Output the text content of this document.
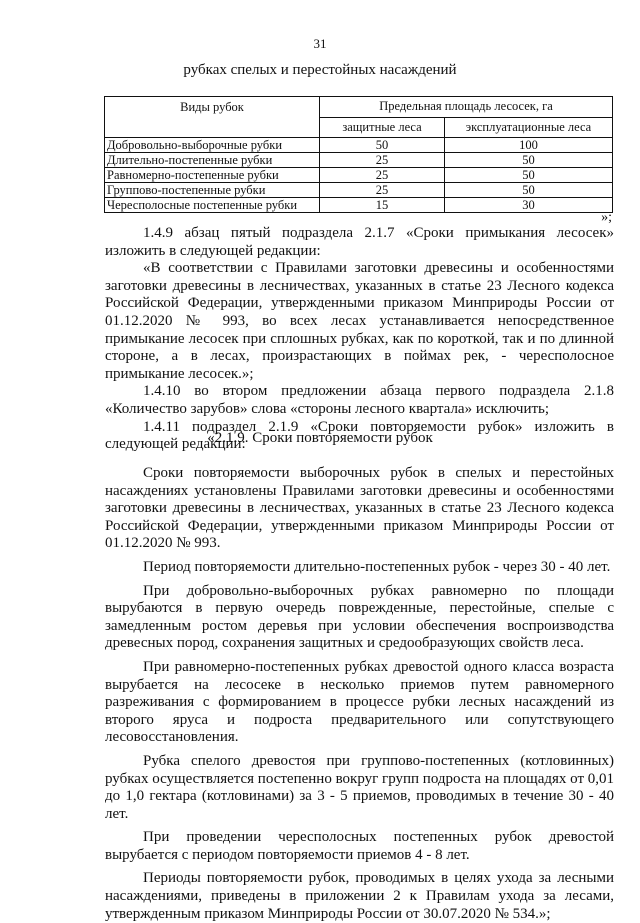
31
рубках спелых и перестойных насаждений
Виды рубок	Предельная площадь лесосек, га	
	защитные леса	эксплуатационные леса
Добровольно-выборочные рубки	50	100
Длительно-постепенные рубки	25	50
Равномерно-постепенные рубки	25	50
Группово-постепенные рубки	25	50
Чересполосные постепенные рубки	15	30
»;

1.4.9 абзац пятый подраздела 2.1.7 «Сроки примыкания лесосек» изложить в следующей редакции:

«В соответствии с Правилами заготовки древесины и особенностями заготовки древесины в лесничествах, указанных в статье 23 Лесного кодекса Российской Федерации, утвержденными приказом Минприроды России от 01.12.2020 № 993, во всех лесах устанавливается непосредственное примыкание лесосек при сплошных рубках, как по короткой, так и по длинной стороне, а в лесах, произрастающих в поймах рек, - чересполосное примыкание лесосек.»;

1.4.10 во втором предложении абзаца первого подраздела 2.1.8 «Количество зарубов» слова «стороны лесного квартала» исключить;

1.4.11 подраздел 2.1.9 «Сроки повторяемости рубок» изложить в следующей редакции:

«2.1.9. Сроки повторяемости рубок

Сроки повторяемости выборочных рубок в спелых и перестойных насаждениях установлены Правилами заготовки древесины и особенностями заготовки древесины в лесничествах, указанных в статье 23 Лесного кодекса Российской Федерации, утвержденными приказом Минприроды России от 01.12.2020 № 993.

Период повторяемости длительно-постепенных рубок - через 30 - 40 лет.

При добровольно-выборочных рубках равномерно по площади вырубаются в первую очередь поврежденные, перестойные, спелые с замедленным ростом деревья при условии обеспечения воспроизводства древесных пород, сохранения защитных и средообразующих свойств леса.

При равномерно-постепенных рубках древостой одного класса возраста вырубается на лесосеке в несколько приемов путем равномерного разреживания с формированием в процессе рубки лесных насаждений из второго яруса и подроста предварительного или сопутствующего лесовосстановления.

Рубка спелого древостоя при группово-постепенных (котловинных) рубках осуществляется постепенно вокруг групп подроста на площадях от 0,01 до 1,0 гектара (котловинами) за 3 - 5 приемов, проводимых в течение 30 - 40 лет.

При проведении чересполосных постепенных рубок древостой вырубается с периодом повторяемости приемов 4 - 8 лет.

Периоды повторяемости рубок, проводимых в целях ухода за лесными насаждениями, приведены в приложении 2 к Правилам ухода за лесами, утвержденным приказом Минприроды России от 30.07.2020 № 534.»;
